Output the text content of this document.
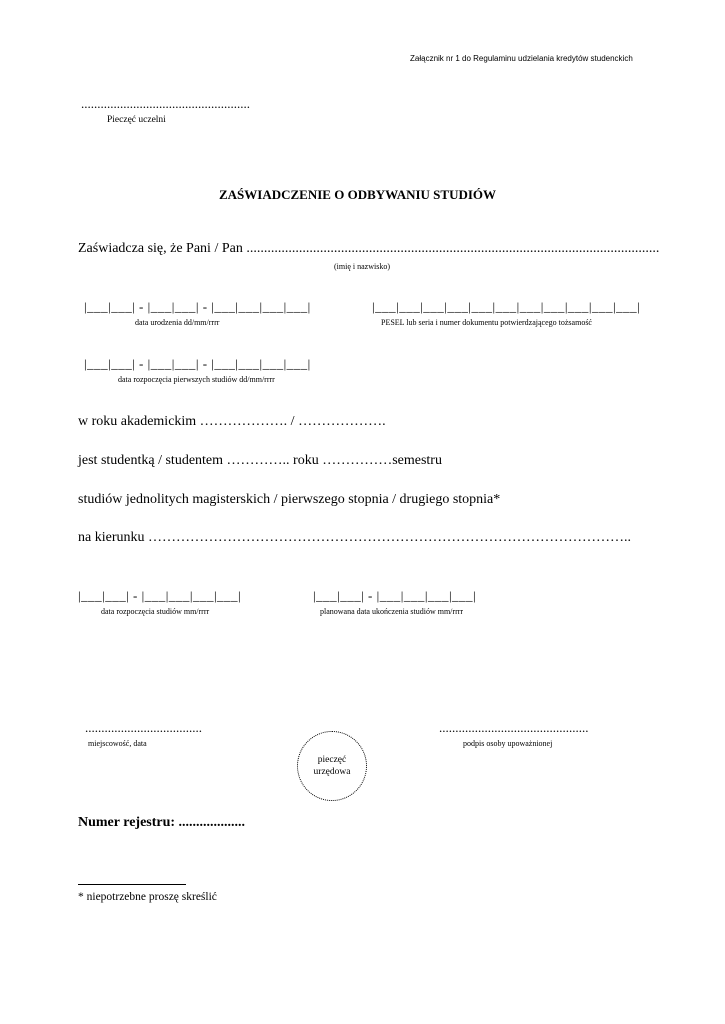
Załącznik nr 1 do Regulaminu udzielania kredytów studenckich
....................................................
Pieczęć uczelni
ZAŚWIADCZENIE O ODBYWANIU STUDIÓW
Zaświadcza się, że Pani / Pan ......................................................................................................................
(imię i nazwisko)
|___|___| - |___|___| - |___|___|___|___|
data urodzenia dd/mm/rrrr
|___|___|___|___|___|___|___|___|___|___|___|
PESEL lub seria i numer dokumentu potwierdzającego tożsamość
|___|___| - |___|___| - |___|___|___|___|
data rozpoczęcia pierwszych studiów dd/mm/rrrr
w roku akademickim ………………. / ……………….
jest studentką / studentem ………….. roku ……………semestru
studiów jednolitych magisterskich / pierwszego stopnia / drugiego stopnia*
na kierunku …………………………………………………………………………………………..
|___|___| - |___|___|___|___|
data rozpoczęcia studiów mm/rrrr
|___|___| - |___|___|___|___|
planowana data ukończenia studiów mm/rrrr
....................................
miejscowość, data
..............................................
podpis osoby upoważnionej
pieczęć
urzędowa
Numer rejestru: ...................
* niepotrzebne proszę skreślić
